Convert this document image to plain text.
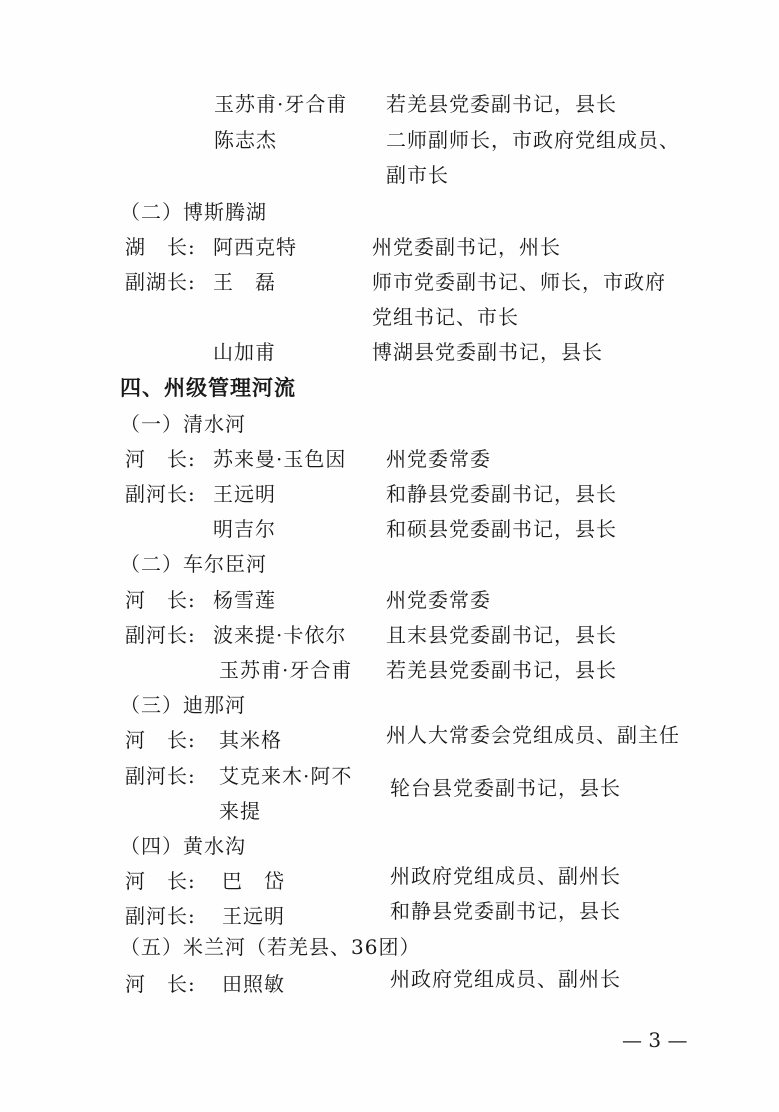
玉苏甫·牙合甫 若羌县党委副书记，县长
陈志杰	二师副师长，市政府党组成员、
副市长
（二）博斯腾湖
湖　长: 阿西克特	州党委副书记，州长
副湖长: 王　磊	师市党委副书记、师长，市政府
党组书记、市长
山加甫	博湖县党委副书记，县长
四、州级管理河流
（一）清水河
河　长: 苏来曼·玉色因 州党委常委
副河长: 王远明	和静县党委副书记，县长
明吉尔	和硕县党委副书记，县长
（二）车尔臣河
河　长: 杨雪莲	州党委常委
副河长: 波来提·卡依尔 且末县党委副书记，县长
玉苏甫·牙合甫 若羌县党委副书记，县长
（三）迪那河
河　长: 其米格	州人大常委会党组成员、副主任
副河长: 艾克来木·阿不 轮台县党委副书记，县长
来提
（四）黄水沟
河　长: 巴　岱	州政府党组成员、副州长
副河长: 王远明	和静县党委副书记，县长
（五）米兰河（若羌县、36团）
河　长: 田照敏	州政府党组成员、副州长
— 3 —
